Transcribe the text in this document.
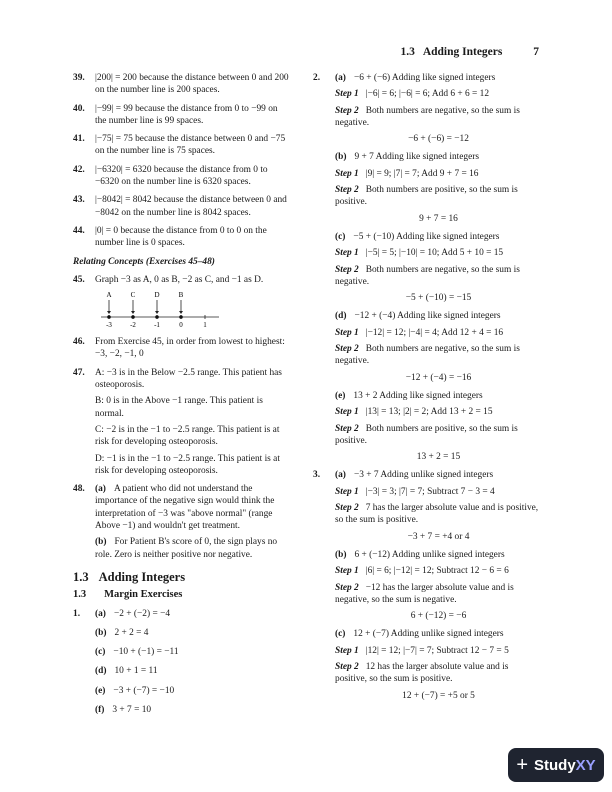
1.3 Adding Integers	7
39. |200| = 200 because the distance between 0 and 200 on the number line is 200 spaces.
40. |−99| = 99 because the distance from 0 to −99 on the number line is 99 spaces.
41. |−75| = 75 because the distance between 0 and −75 on the number line is 75 spaces.
42. |−6320| = 6320 because the distance from 0 to −6320 on the number line is 6320 spaces.
43. |−8042| = 8042 because the distance between 0 and −8042 on the number line is 8042 spaces.
44. |0| = 0 because the distance from 0 to 0 on the number line is 0 spaces.
Relating Concepts (Exercises 45–48)
45. Graph −3 as A, 0 as B, −2 as C, and −1 as D.
-3	-2	-1	0	1
A	C	D	B
46. From Exercise 45, in order from lowest to highest: −3, −2, −1, 0
47. A: −3 is in the Below −2.5 range. This patient has osteoporosis.
B: 0 is in the Above −1 range. This patient is normal.
C: −2 is in the −1 to −2.5 range. This patient is at risk for developing osteoporosis.
D: −1 is in the −1 to −2.5 range. This patient is at risk for developing osteoporosis.
48. (a) A patient who did not understand the importance of the negative sign would think the interpretation of −3 was "above normal" (range Above −1) and wouldn't get treatment.
(b) For Patient B's score of 0, the sign plays no role. Zero is neither positive nor negative.
1.3 Adding Integers
1.3 Margin Exercises
1. (a) −2 + (−2) = −4
(b) 2 + 2 = 4
(c) −10 + (−1) = −11
(d) 10 + 1 = 11
(e) −3 + (−7) = −10
(f) 3 + 7 = 10
2. (a) −6 + (−6) Adding like signed integers
Step 1 |−6| = 6; |−6| = 6; Add 6 + 6 = 12
Step 2 Both numbers are negative, so the sum is negative.
−6 + (−6) = −12
(b) 9 + 7 Adding like signed integers
Step 1 |9| = 9; |7| = 7; Add 9 + 7 = 16
Step 2 Both numbers are positive, so the sum is positive.
9 + 7 = 16
(c) −5 + (−10) Adding like signed integers
Step 1 |−5| = 5; |−10| = 10; Add 5 + 10 = 15
Step 2 Both numbers are negative, so the sum is negative.
−5 + (−10) = −15
(d) −12 + (−4) Adding like signed integers
Step 1 |−12| = 12; |−4| = 4; Add 12 + 4 = 16
Step 2 Both numbers are negative, so the sum is negative.
−12 + (−4) = −16
(e) 13 + 2 Adding like signed integers
Step 1 |13| = 13; |2| = 2; Add 13 + 2 = 15
Step 2 Both numbers are positive, so the sum is positive.
13 + 2 = 15
3. (a) −3 + 7 Adding unlike signed integers
Step 1 |−3| = 3; |7| = 7; Subtract 7 − 3 = 4
Step 2 7 has the larger absolute value and is positive, so the sum is positive.
−3 + 7 = +4 or 4
(b) 6 + (−12) Adding unlike signed integers
Step 1 |6| = 6; |−12| = 12; Subtract 12 − 6 = 6
Step 2 −12 has the larger absolute value and is negative, so the sum is negative.
6 + (−12) = −6
(c) 12 + (−7) Adding unlike signed integers
Step 1 |12| = 12; |−7| = 7; Subtract 12 − 7 = 5
Step 2 12 has the larger absolute value and is positive, so the sum is positive.
12 + (−7) = +5 or 5
+ Study XY
